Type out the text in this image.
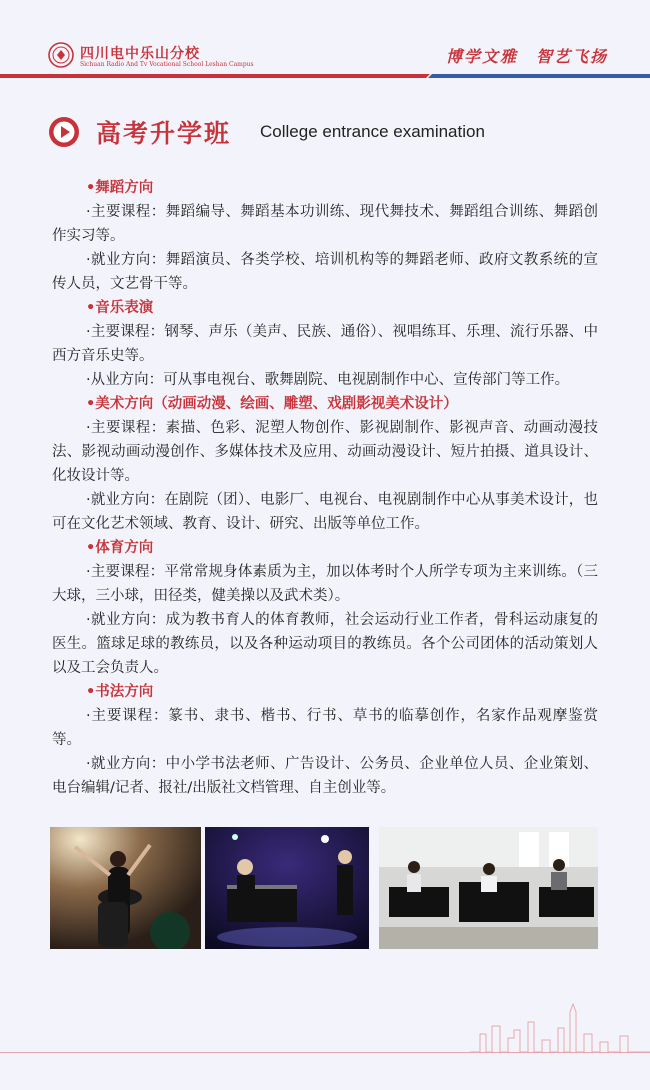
四川电中乐山分校
Sichuan Radio And Tv Vocational School Leshan Campus	博学文雅　智艺飞扬
高考升学班 College entrance examination
•舞蹈方向
·主要课程：舞蹈编导、舞蹈基本功训练、现代舞技术、舞蹈组合训练、舞蹈创作实习等。
·就业方向：舞蹈演员、各类学校、培训机构等的舞蹈老师、政府文教系统的宣传人员，文艺骨干等。
•音乐表演
·主要课程：钢琴、声乐（美声、民族、通俗）、视唱练耳、乐理、流行乐器、中西方音乐史等。
·从业方向：可从事电视台、歌舞剧院、电视剧制作中心、宣传部门等工作。
•美术方向（动画动漫、绘画、雕塑、戏剧影视美术设计）
·主要课程：素描、色彩、泥塑人物创作、影视剧制作、影视声音、动画动漫技法、影视动画动漫创作、多媒体技术及应用、动画动漫设计、短片拍摄、道具设计、化妆设计等。
·就业方向：在剧院（团）、电影厂、电视台、电视剧制作中心从事美术设计，也可在文化艺术领域、教育、设计、研究、出版等单位工作。
•体育方向
·主要课程：平常常规身体素质为主，加以体考时个人所学专项为主来训练。（三大球，三小球，田径类，健美操以及武术类）。
·就业方向：成为教书育人的体育教师，社会运动行业工作者，骨科运动康复的医生。篮球足球的教练员，以及各种运动项目的教练员。各个公司团体的活动策划人以及工会负责人。
•书法方向
·主要课程：篆书、隶书、楷书、行书、草书的临摹创作，名家作品观摩鉴赏等。
·就业方向：中小学书法老师、广告设计、公务员、企业单位人员、企业策划、电台编辑/记者、报社/出版社文档管理、自主创业等。
